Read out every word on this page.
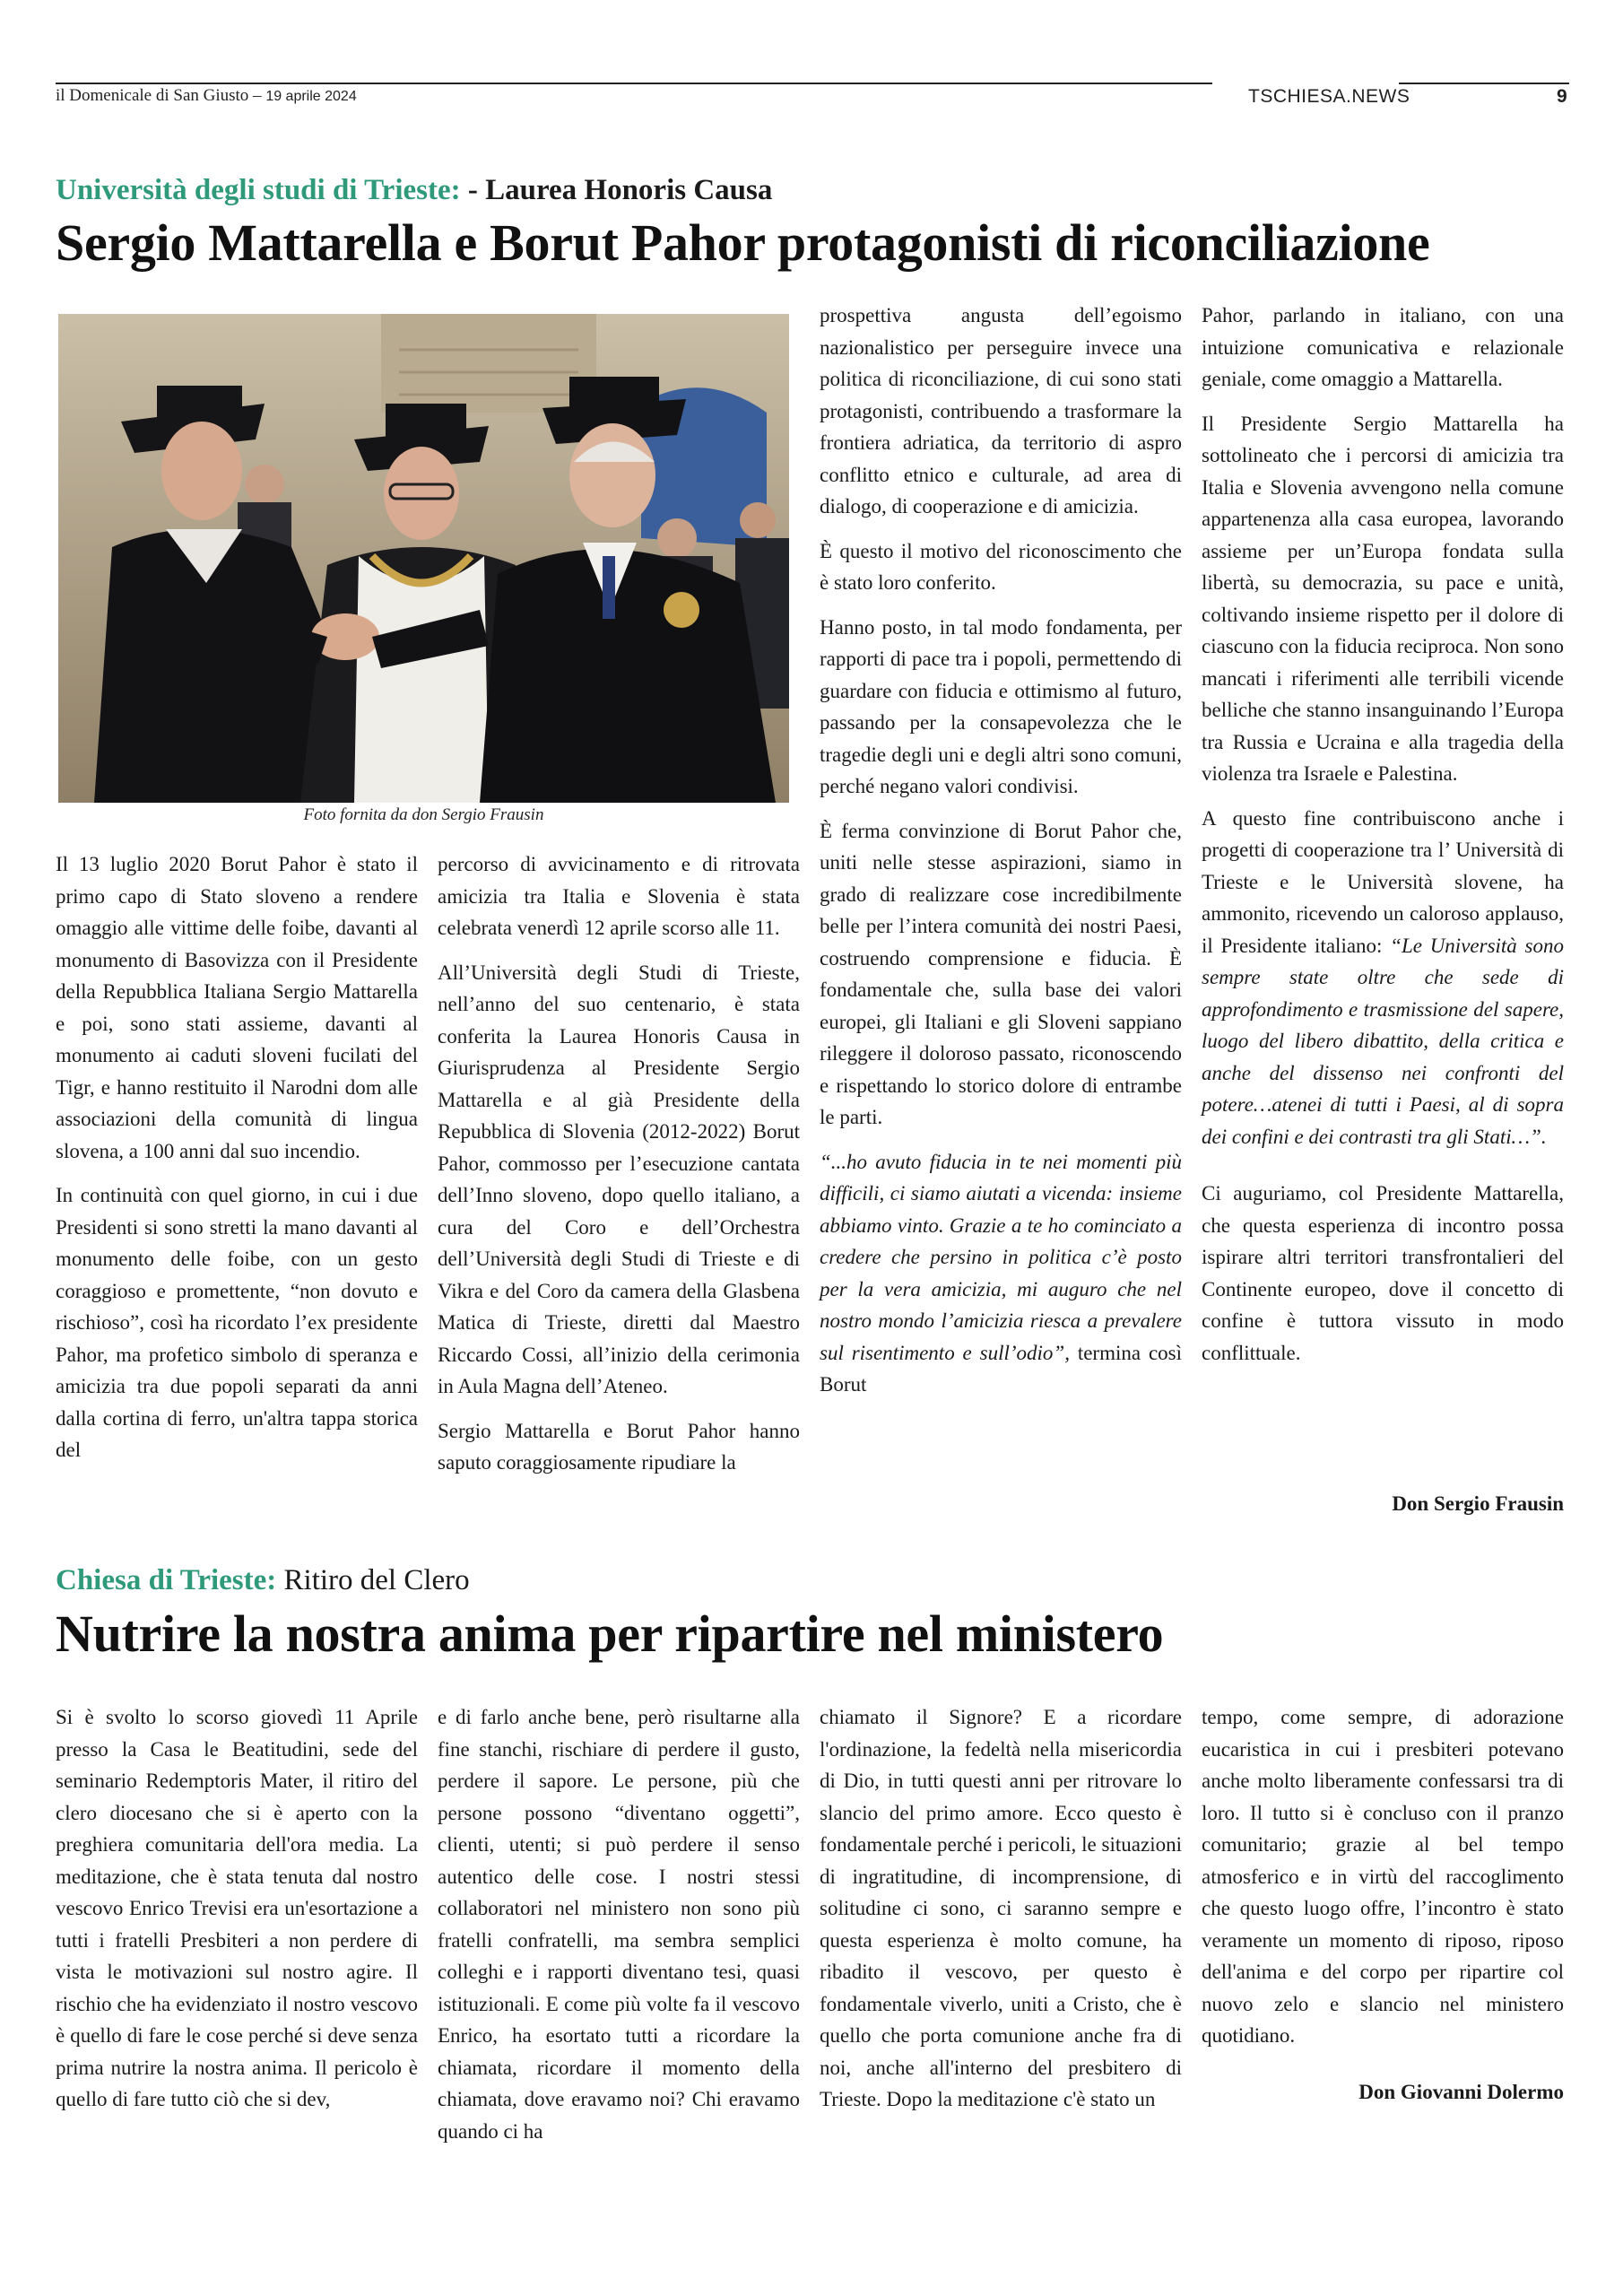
il Domenicale di San Giusto – 19 aprile 2024	TSCHIESA.NEWS	9
Università degli studi di Trieste: - Laurea Honoris Causa
Sergio Mattarella e Borut Pahor protagonisti di riconciliazione
Foto fornita da don Sergio Frausin

Il 13 luglio 2020 Borut Pahor è stato il primo capo di Stato sloveno a rendere omaggio alle vittime delle foibe, davanti al monumento di Basovizza con il Presidente della Repubblica Italiana Sergio Mattarella e poi, sono stati assieme, davanti al monumento ai caduti sloveni fucilati del Tigr, e hanno restituito il Narodni dom alle associazioni della comunità di lingua slovena, a 100 anni dal suo incendio.

In continuità con quel giorno, in cui i due Presidenti si sono stretti la mano davanti al monumento delle foibe, con un gesto coraggioso e promettente, “non dovuto e rischioso”, così ha ricordato l’ex presidente Pahor, ma profetico simbolo di speranza e amicizia tra due popoli separati da anni dalla cortina di ferro, un'altra tappa storica del

percorso di avvicinamento e di ritrovata amicizia tra Italia e Slovenia è stata celebrata venerdì 12 aprile scorso alle 11.

All’Università degli Studi di Trieste, nell’anno del suo centenario, è stata conferita la Laurea Honoris Causa in Giurisprudenza al Presidente Sergio Mattarella e al già Presidente della Repubblica di Slovenia (2012-2022) Borut Pahor, commosso per l’esecuzione cantata dell’Inno sloveno, dopo quello italiano, a cura del Coro e dell’Orchestra dell’Università degli Studi di Trieste e di Vikra e del Coro da camera della Glasbena Matica di Trieste, diretti dal Maestro Riccardo Cossi, all’inizio della cerimonia in Aula Magna dell’Ateneo.

Sergio Mattarella e Borut Pahor hanno saputo coraggiosamente ripudiare la

prospettiva angusta dell’egoismo nazionalistico per perseguire invece una politica di riconciliazione, di cui sono stati protagonisti, contribuendo a trasformare la frontiera adriatica, da territorio di aspro conflitto etnico e culturale, ad area di dialogo, di cooperazione e di amicizia.

È questo il motivo del riconoscimento che è stato loro conferito.

Hanno posto, in tal modo fondamenta, per rapporti di pace tra i popoli, permettendo di guardare con fiducia e ottimismo al futuro, passando per la consapevolezza che le tragedie degli uni e degli altri sono comuni, perché negano valori condivisi.

È ferma convinzione di Borut Pahor che, uniti nelle stesse aspirazioni, siamo in grado di realizzare cose incredibilmente belle per l’intera comunità dei nostri Paesi, costruendo comprensione e fiducia. È fondamentale che, sulla base dei valori europei, gli Italiani e gli Sloveni sappiano rileggere il doloroso passato, riconoscendo e rispettando lo storico dolore di entrambe le parti.

“...ho avuto fiducia in te nei momenti più difficili, ci siamo aiutati a vicenda: insieme abbiamo vinto. Grazie a te ho cominciato a credere che persino in politica c’è posto per la vera amicizia, mi auguro che nel nostro mondo l’amicizia riesca a prevalere sul risentimento e sull’odio”, termina così Borut

Pahor, parlando in italiano, con una intuizione comunicativa e relazionale geniale, come omaggio a Mattarella.

Il Presidente Sergio Mattarella ha sottolineato che i percorsi di amicizia tra Italia e Slovenia avvengono nella comune appartenenza alla casa europea, lavorando assieme per un’Europa fondata sulla libertà, su democrazia, su pace e unità, coltivando insieme rispetto per il dolore di ciascuno con la fiducia reciproca. Non sono mancati i riferimenti alle terribili vicende belliche che stanno insanguinando l’Europa tra Russia e Ucraina e alla tragedia della violenza tra Israele e Palestina.

A questo fine contribuiscono anche i progetti di cooperazione tra l’ Università di Trieste e le Università slovene, ha ammonito, ricevendo un caloroso applauso, il Presidente italiano: “Le Università sono sempre state oltre che sede di approfondimento e trasmissione del sapere, luogo del libero dibattito, della critica e anche del dissenso nei confronti del potere…atenei di tutti i Paesi, al di sopra dei confini e dei contrasti tra gli Stati…”.

Ci auguriamo, col Presidente Mattarella, che questa esperienza di incontro possa ispirare altri territori transfrontalieri del Continente europeo, dove il concetto di confine è tuttora vissuto in modo conflittuale.

Don Sergio Frausin
Chiesa di Trieste: Ritiro del Clero
Nutrire la nostra anima per ripartire nel ministero

Si è svolto lo scorso giovedì 11 Aprile presso la Casa le Beatitudini, sede del seminario Redemptoris Mater, il ritiro del clero diocesano che si è aperto con la preghiera comunitaria dell'ora media. La meditazione, che è stata tenuta dal nostro vescovo Enrico Trevisi era un'esortazione a tutti i fratelli Presbiteri a non perdere di vista le motivazioni sul nostro agire. Il rischio che ha evidenziato il nostro vescovo è quello di fare le cose perché si deve senza prima nutrire la nostra anima. Il pericolo è quello di fare tutto ciò che si dev,

e di farlo anche bene, però risultarne alla fine stanchi, rischiare di perdere il gusto, perdere il sapore. Le persone, più che persone possono “diventano oggetti”, clienti, utenti; si può perdere il senso autentico delle cose. I nostri stessi collaboratori nel ministero non sono più fratelli confratelli, ma sembra semplici colleghi e i rapporti diventano tesi, quasi istituzionali. E come più volte fa il vescovo Enrico, ha esortato tutti a ricordare la chiamata, ricordare il momento della chiamata, dove eravamo noi? Chi eravamo quando ci ha

chiamato il Signore? E a ricordare l'ordinazione, la fedeltà nella misericordia di Dio, in tutti questi anni per ritrovare lo slancio del primo amore. Ecco questo è fondamentale perché i pericoli, le situazioni di ingratitudine, di incomprensione, di solitudine ci sono, ci saranno sempre e questa esperienza è molto comune, ha ribadito il vescovo, per questo è fondamentale viverlo, uniti a Cristo, che è quello che porta comunione anche fra di noi, anche all'interno del presbitero di Trieste. Dopo la meditazione c'è stato un

tempo, come sempre, di adorazione eucaristica in cui i presbiteri potevano anche molto liberamente confessarsi tra di loro. Il tutto si è concluso con il pranzo comunitario; grazie al bel tempo atmosferico e in virtù del raccoglimento che questo luogo offre, l’incontro è stato veramente un momento di riposo, riposo dell'anima e del corpo per ripartire col nuovo zelo e slancio nel ministero quotidiano.

Don Giovanni Dolermo
